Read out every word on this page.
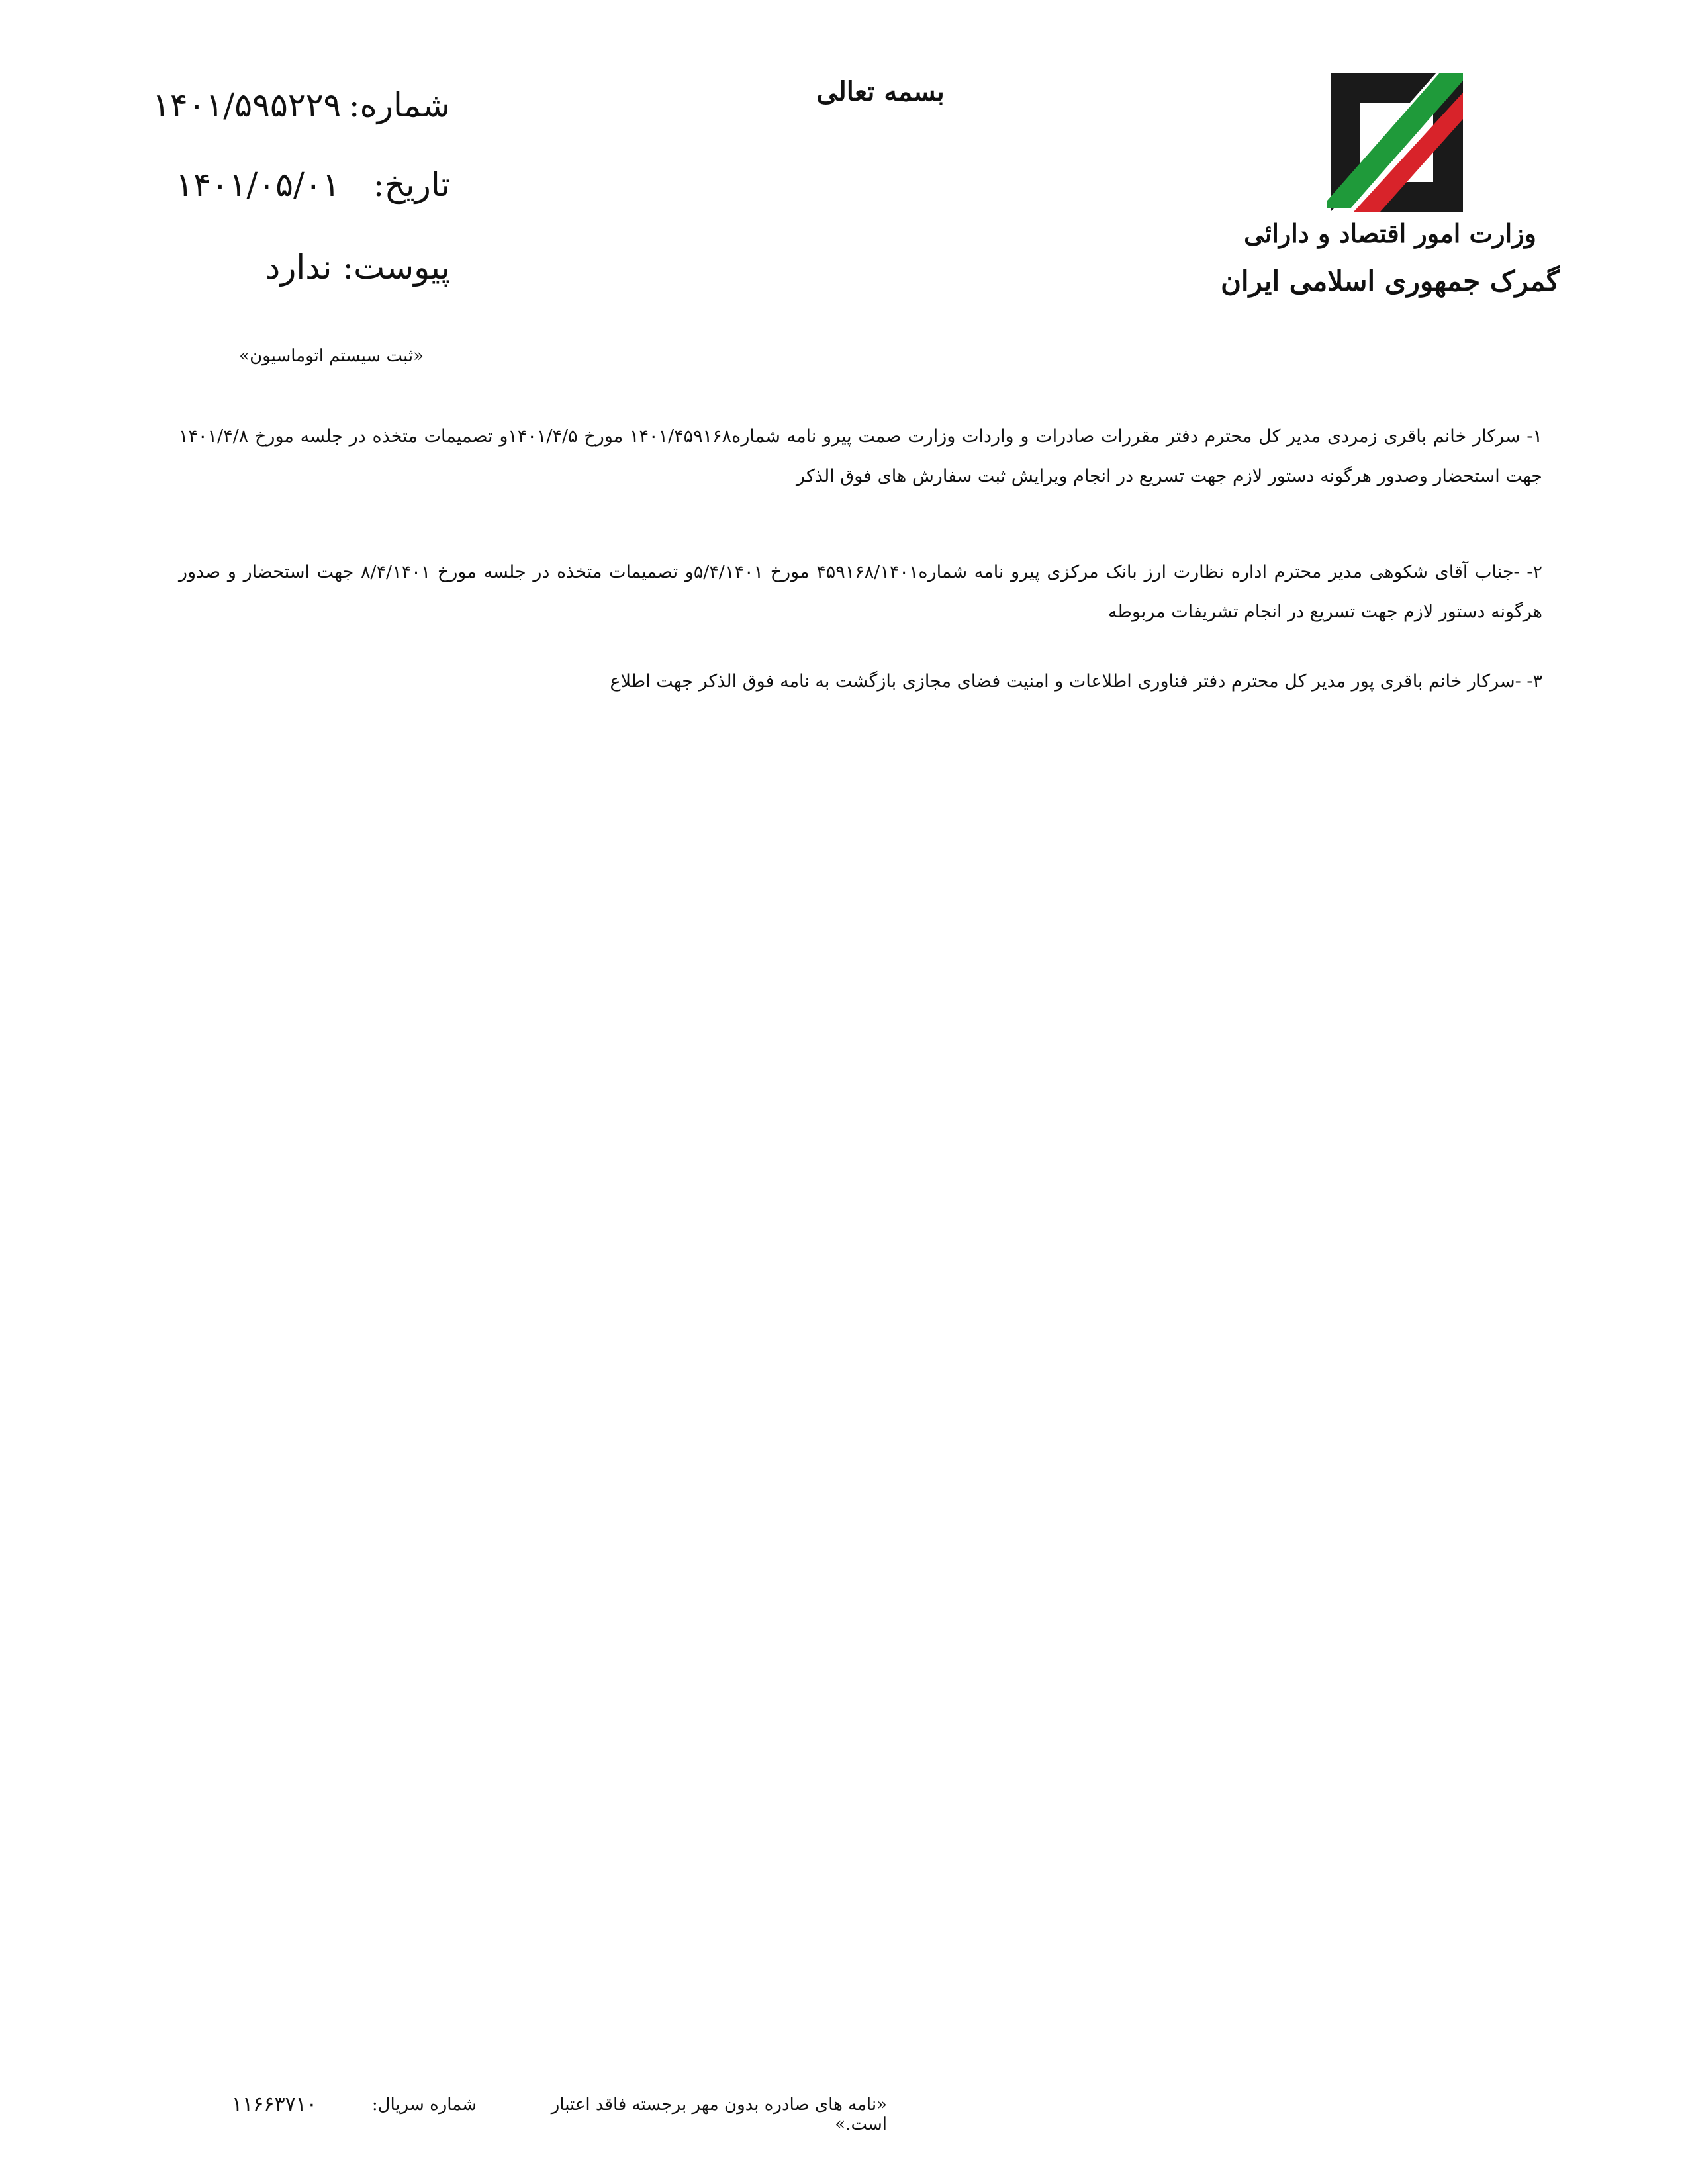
وزارت امور اقتصاد و دارائی
گمرک جمهوری اسلامی ایران
بسمه تعالی
شماره:
۱۴۰۱/۵۹۵۲۲۹
تاریخ:
۱۴۰۱/۰۵/۰۱
پیوست: ندارد
«ثبت سیستم اتوماسیون»
۱- سرکار خانم باقری زمردی مدیر کل محترم دفتر مقررات صادرات و واردات وزارت صمت پیرو نامه شماره۱۴۰۱/۴۵۹۱۶۸ مورخ ۱۴۰۱/۴/۵و تصمیمات متخذه در جلسه مورخ ۱۴۰۱/۴/۸ جهت استحضار وصدور هرگونه دستور لازم جهت تسریع در انجام ویرایش ثبت سفارش های فوق الذکر
۲- -جناب آقای شکوهی مدیر محترم اداره نظارت ارز بانک مرکزی پیرو نامه شماره۴۵۹۱۶۸/۱۴۰۱ مورخ ۵/۴/۱۴۰۱و تصمیمات متخذه در جلسه مورخ ۸/۴/۱۴۰۱ جهت استحضار و صدور هرگونه دستور لازم جهت تسریع در انجام تشریفات مربوطه
۳- -سرکار خانم باقری پور مدیر کل محترم دفتر فناوری اطلاعات و امنیت فضای مجازی بازگشت به نامه فوق الذکر جهت اطلاع
«نامه های صادره بدون مهر برجسته فاقد اعتبار است.»
شماره سریال:
۱۱۶۶۳۷۱۰
